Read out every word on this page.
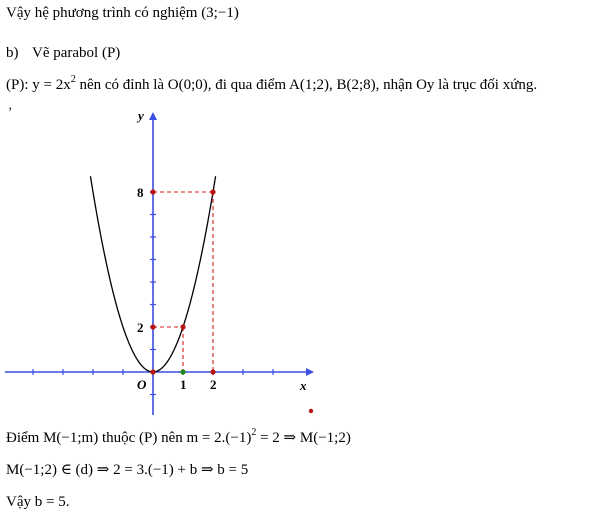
Vậy hệ phương trình có nghiệm (3;−1)
b) Vẽ parabol (P)
(P): $y = 2x^2$ nên có đỉnh là O(0;0), đi qua điểm A(1;2), B(2;8), nhận Oy là trục đối xứng.
’
x
y
O	1 2
2
8
Điểm M(−1;m) thuộc (P) nên $m = 2.(-1)^2 = 2$ ⇒ M(−1;2)
M(−1;2) ∈ (d) ⇒ 2 = 3.(−1) + b ⇒ b = 5
Vậy b = 5.
